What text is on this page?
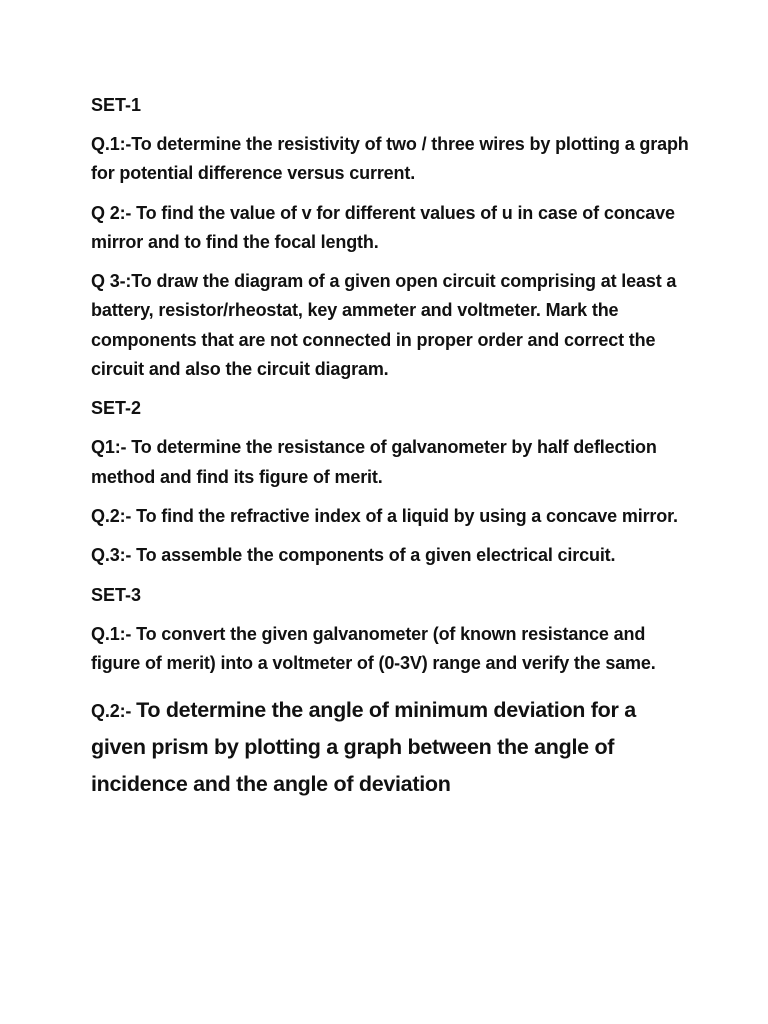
SET-1
Q.1:-To determine the resistivity of two / three wires by plotting a graph for potential difference versus current.
Q 2:- To find the value of v for different values of u in case of concave mirror and to find the focal length.
Q 3-:To draw the diagram of a given open circuit comprising at least a battery, resistor/rheostat, key ammeter and voltmeter. Mark the components that are not connected in proper order and correct the circuit and also the circuit diagram.
SET-2
Q1:- To determine the resistance of galvanometer by half deflection method and find its figure of merit.
Q.2:- To find the refractive index of a liquid by using a concave mirror.
Q.3:- To assemble the components of a given electrical circuit.
SET-3
Q.1:- To convert the given galvanometer (of known resistance and figure of merit) into a voltmeter of (0-3V) range and verify the same.
Q.2:- To determine the angle of minimum deviation for a given prism by plotting a graph between the angle of incidence and the angle of deviation
